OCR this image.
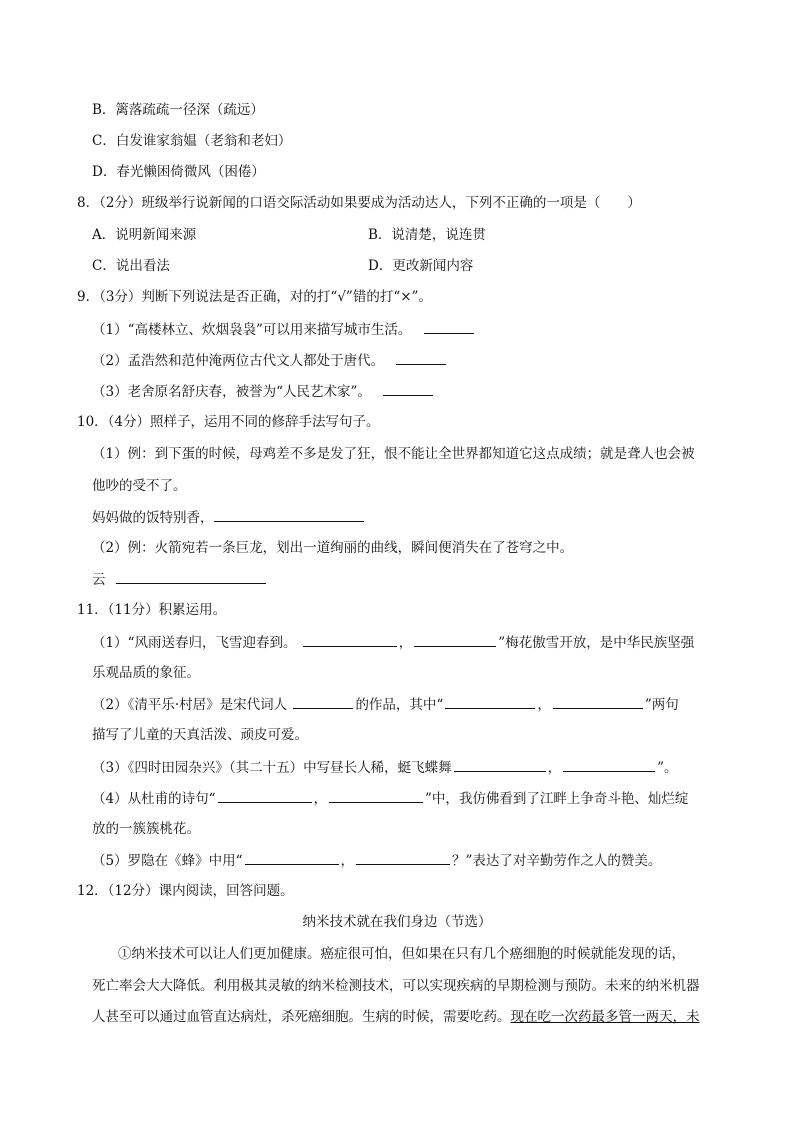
B．篱落疏疏一径深（疏远）
C．白发谁家翁媪（老翁和老妇）
D．春光懒困倚微风（困倦）
8．（2分）班级举行说新闻的口语交际活动如果要成为活动达人，下列不正确的一项是（　　）
A．说明新闻来源	B．说清楚，说连贯
C．说出看法	D．更改新闻内容
9．（3分）判断下列说法是否正确，对的打“√”错的打“×”。
（1）“高楼林立、炊烟袅袅”可以用来描写城市生活。
（2）孟浩然和范仲淹两位古代文人都处于唐代。
（3）老舍原名舒庆春，被誉为“人民艺术家”。
10．（4分）照样子，运用不同的修辞手法写句子。
（1）例：到下蛋的时候，母鸡差不多是发了狂，恨不能让全世界都知道它这点成绩；就是聋人也会被
他吵的受不了。
妈妈做的饭特别香，
（2）例：火箭宛若一条巨龙，划出一道绚丽的曲线，瞬间便消失在了苍穹之中。
云
11．（11分）积累运用。
（1）“风雨送春归，飞雪迎春到。	，	”梅花傲雪开放，是中华民族坚强
乐观品质的象征。
（2）《清平乐·村居》是宋代词人	的作品，其中“	，	”两句
描写了儿童的天真活泼、顽皮可爱。
（3）《四时田园杂兴》（其二十五）中写昼长人稀，蜓飞蝶舞	，	”。
（4）从杜甫的诗句“	，	”中，我仿佛看到了江畔上争奇斗艳、灿烂绽
放的一簇簇桃花。
（5）罗隐在《蜂》中用“	，	？”表达了对辛勤劳作之人的赞美。
12．（12分）课内阅读，回答问题。
纳米技术就在我们身边（节选）
①纳米技术可以让人们更加健康。癌症很可怕，但如果在只有几个癌细胞的时候就能发现的话，
死亡率会大大降低。利用极其灵敏的纳米检测技术，可以实现疾病的早期检测与预防。未来的纳米机器
人甚至可以通过血管直达病灶，杀死癌细胞。生病的时候，需要吃药。现在吃一次药最多管一两天，未
